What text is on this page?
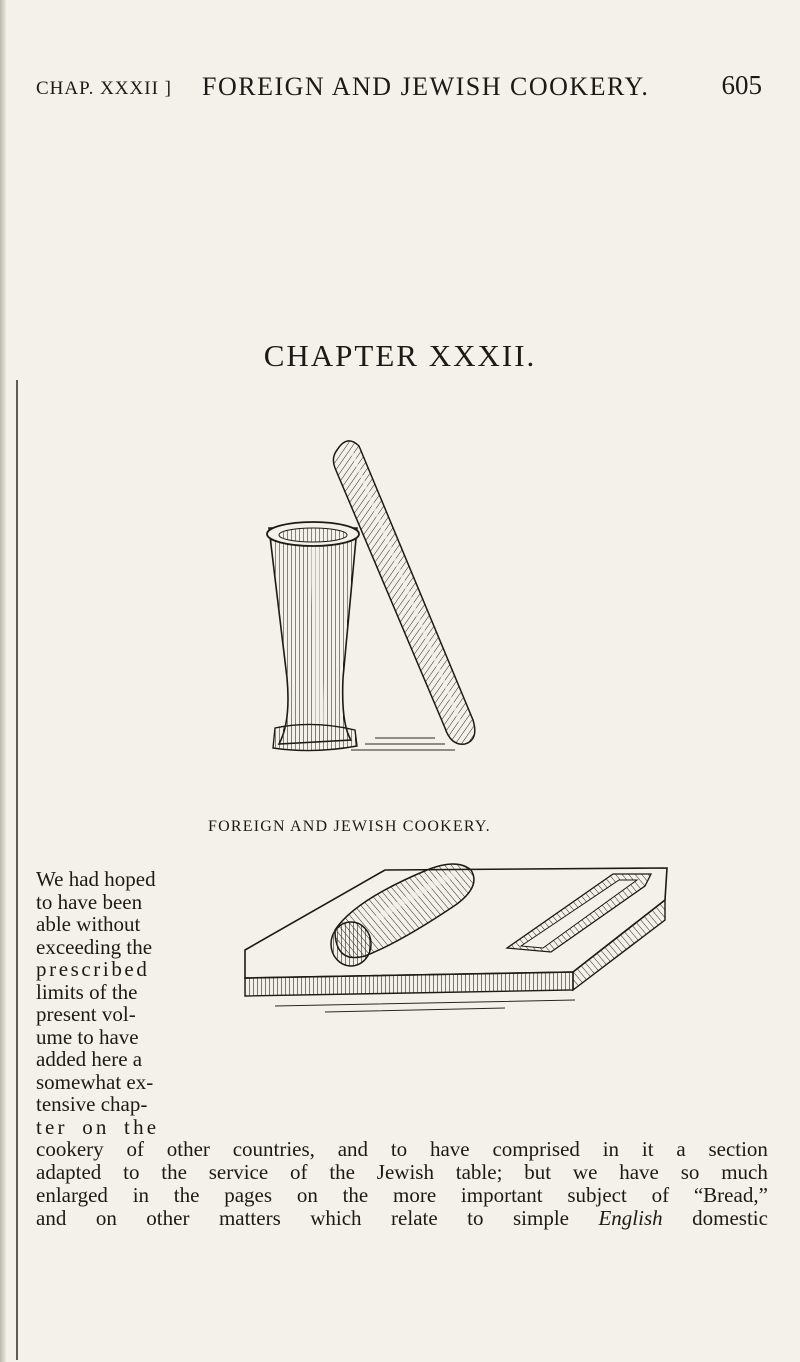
CHAP. XXXII ] FOREIGN AND JEWISH COOKERY.	605
CHAPTER XXXII.
FOREIGN AND JEWISH COOKERY.
We had hoped
to have been
able without
exceeding the
prescribed
limits of the
present vol-
ume to have
added here a
somewhat ex-
tensive chap-
ter on the
cookery of other countries, and to have comprised in it a section
adapted to the service of the Jewish table; but we have so much
enlarged in the pages on the more important subject of “Bread,”
and on other matters which relate to simple English domestic
